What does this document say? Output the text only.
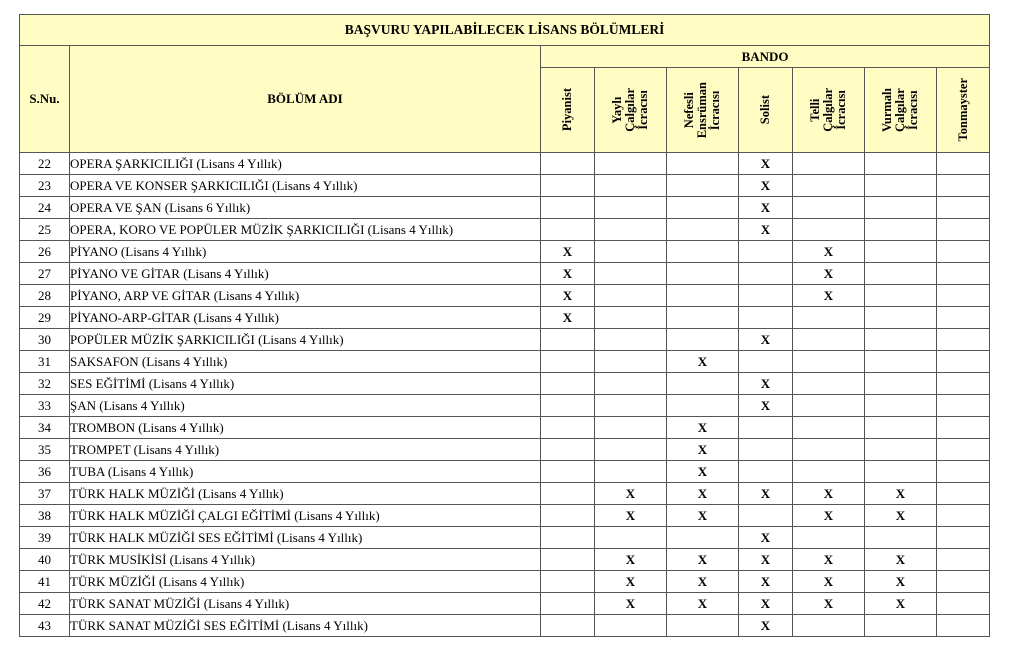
BAŞVURU YAPILABİLECEK LİSANS BÖLÜMLERİ								
S.Nu.	BÖLÜM ADI	BANDO						

		Piyanist	Yaylı
Çalgılar
İcracısı	Nefesli
Ensrüman
İcracısı	Solist	Telli
Çalgılar
İcracısı	Vurmalı
Çalgılar
İcracısı	Tonmayster

22	OPERA ŞARKICILIĞI (Lisans 4 Yıllık)				X			
23	OPERA VE KONSER ŞARKICILIĞI (Lisans 4 Yıllık)				X			
24	OPERA VE ŞAN (Lisans 6 Yıllık)				X			
25	OPERA, KORO VE POPÜLER MÜZİK ŞARKICILIĞI (Lisans 4 Yıllık)				X			
26	PİYANO (Lisans 4 Yıllık)	X				X		
27	PİYANO VE GİTAR (Lisans 4 Yıllık)	X				X		
28	PİYANO, ARP VE GİTAR (Lisans 4 Yıllık)	X				X		
29	PİYANO-ARP-GİTAR (Lisans 4 Yıllık)	X						
30	POPÜLER MÜZİK ŞARKICILIĞI (Lisans 4 Yıllık)				X			
31	SAKSAFON (Lisans 4 Yıllık)			X				
32	SES EĞİTİMİ (Lisans 4 Yıllık)				X			
33	ŞAN (Lisans 4 Yıllık)				X			
34	TROMBON (Lisans 4 Yıllık)			X				
35	TROMPET (Lisans 4 Yıllık)			X				
36	TUBA (Lisans 4 Yıllık)			X				
37	TÜRK HALK MÜZİĞİ (Lisans 4 Yıllık)		X	X	X	X	X	
38	TÜRK HALK MÜZİĞİ ÇALGI EĞİTİMİ (Lisans 4 Yıllık)		X	X		X	X	
39	TÜRK HALK MÜZİĞİ SES EĞİTİMİ (Lisans 4 Yıllık)				X			
40	TÜRK MUSİKİSİ (Lisans 4 Yıllık)		X	X	X	X	X	
41	TÜRK MÜZİĞİ (Lisans 4 Yıllık)		X	X	X	X	X	
42	TÜRK SANAT MÜZİĞİ (Lisans 4 Yıllık)		X	X	X	X	X	
43	TÜRK SANAT MÜZİĞİ SES EĞİTİMİ (Lisans 4 Yıllık)				X			
